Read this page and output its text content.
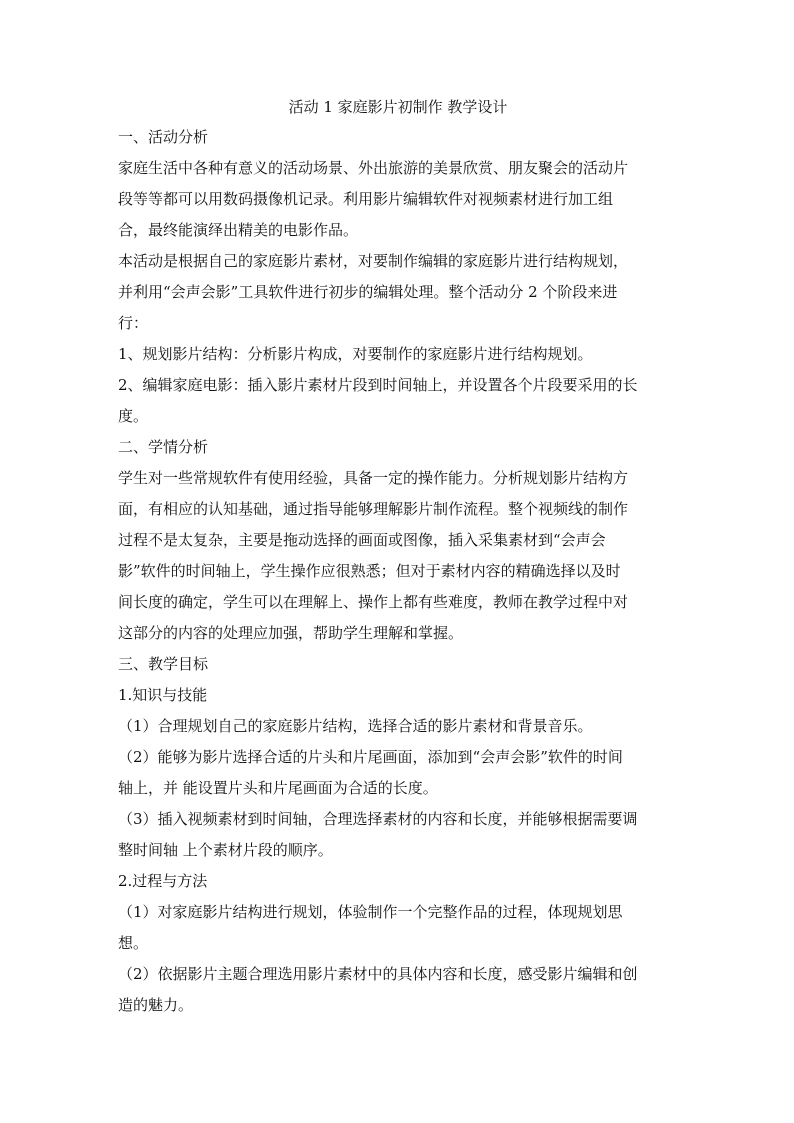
活动 1 家庭影片初制作 教学设计

一、活动分析

家庭生活中各种有意义的活动场景、外出旅游的美景欣赏、朋友聚会的活动片

段等等都可以用数码摄像机记录。利用影片编辑软件对视频素材进行加工组

合，最终能演绎出精美的电影作品。

本活动是根据自己的家庭影片素材，对要制作编辑的家庭影片进行结构规划，

并利用“会声会影”工具软件进行初步的编辑处理。整个活动分 2 个阶段来进

行：

1、规划影片结构：分析影片构成，对要制作的家庭影片进行结构规划。

2、编辑家庭电影：插入影片素材片段到时间轴上，并设置各个片段要采用的长

度。

二、学情分析

学生对一些常规软件有使用经验，具备一定的操作能力。分析规划影片结构方

面，有相应的认知基础，通过指导能够理解影片制作流程。整个视频线的制作

过程不是太复杂，主要是拖动选择的画面或图像，插入采集素材到“会声会

影”软件的时间轴上，学生操作应很熟悉；但对于素材内容的精确选择以及时

间长度的确定，学生可以在理解上、操作上都有些难度，教师在教学过程中对

这部分的内容的处理应加强，帮助学生理解和掌握。

三、教学目标

1.知识与技能

（1）合理规划自己的家庭影片结构，选择合适的影片素材和背景音乐。

（2）能够为影片选择合适的片头和片尾画面，添加到“会声会影”软件的时间

轴上，并 能设置片头和片尾画面为合适的长度。

（3）插入视频素材到时间轴，合理选择素材的内容和长度，并能够根据需要调

整时间轴 上个素材片段的顺序。

2.过程与方法

（1）对家庭影片结构进行规划，体验制作一个完整作品的过程，体现规划思

想。

（2）依据影片主题合理选用影片素材中的具体内容和长度，感受影片编辑和创

造的魅力。
